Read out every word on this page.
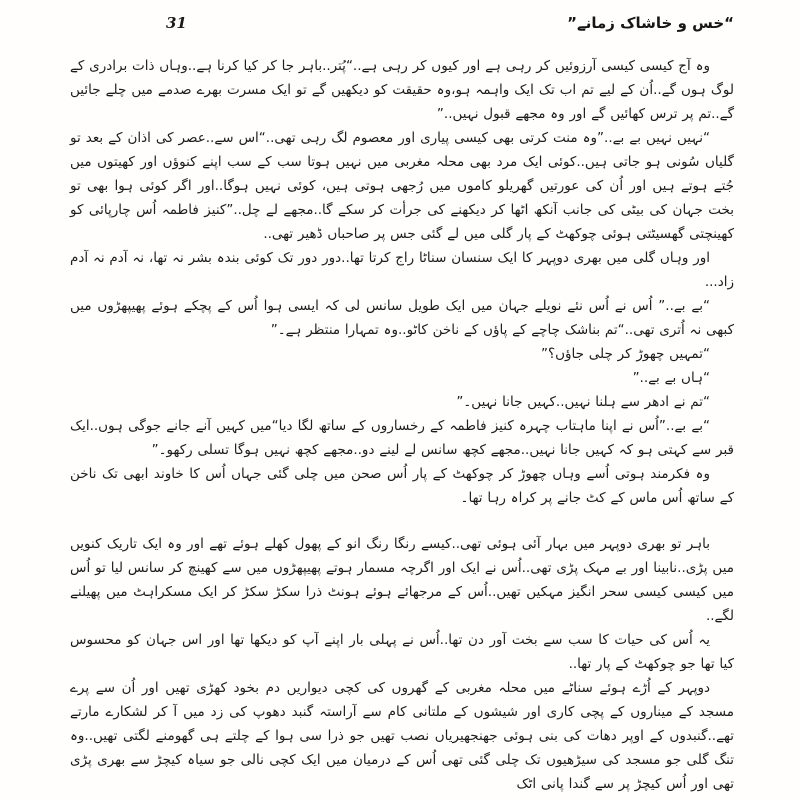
“خس و خاشاک زمانے”
31

وہ آج کیسی کیسی آرزوئیں کر رہی ہے اور کیوں کر رہی ہے..“پُتر..باہر جا کر کیا کرنا ہے..وہاں ذات برادری کے لوگ ہوں گے..اُن کے لیے تم اب تک ایک واہمہ ہو،وہ حقیقت کو دیکھیں گے تو ایک مسرت بھرے صدمے میں چلے جائیں گے..تم پر ترس کھائیں گے اور وہ مجھے قبول نہیں..”

“نہیں نہیں بے بے..”وہ منت کرتی بھی کیسی پیاری اور معصوم لگ رہی تھی..“اس سے..عصر کی اذان کے بعد تو گلیاں سُونی ہو جاتی ہیں..کوئی ایک مرد بھی محلہ مغربی میں نہیں ہوتا سب کے سب اپنے کنوؤں اور کھیتوں میں جُتے ہوتے ہیں اور اُن کی عورتیں گھریلو کاموں میں رُجھی ہوتی ہیں، کوئی نہیں ہوگا..اور اگر کوئی ہوا بھی تو بخت جہان کی بیٹی کی جانب آنکھ اٹھا کر دیکھنے کی جرأت کر سکے گا..مجھے لے چل..”کنیز فاطمہ اُس چارپائی کو کھینچتی گھسیٹتی ہوئی چوکھٹ کے پار گلی میں لے گئی جس پر صاحباں ڈھیر تھی..

اور وہاں گلی میں بھری دوپہر کا ایک سنسان سناٹا راج کرتا تھا..دور دور تک کوئی بندہ بشر نہ تھا، نہ آدم نہ آدم زاد...

“بے بے..” اُس نے اُس نئے نویلے جہان میں ایک طویل سانس لی کہ ایسی ہوا اُس کے پچکے ہوئے پھیپھڑوں میں کبھی نہ اُتری تھی..“تم بناشک چاچے کے پاؤں کے ناخن کاٹو..وہ تمہارا منتظر ہے۔”

“تمہیں چھوڑ کر چلی جاؤں؟”

“ہاں بے بے..”

“تم نے ادھر سے ہلنا نہیں..کہیں جانا نہیں۔”

“بے بے..”اُس نے اپنا ماہتاب چہرہ کنیز فاطمہ کے رخساروں کے ساتھ لگا دیا“میں کہیں آنے جانے جوگی ہوں..ایک قبر سے کہتی ہو کہ کہیں جانا نہیں..مجھے کچھ سانس لے لینے دو..مجھے کچھ نہیں ہوگا تسلی رکھو۔”

وہ فکرمند ہوتی اُسے وہاں چھوڑ کر چوکھٹ کے پار اُس صحن میں چلی گئی جہاں اُس کا خاوند ابھی تک ناخن کے ساتھ اُس ماس کے کٹ جانے پر کراہ رہا تھا۔

باہر تو بھری دوپہر میں بہار آئی ہوئی تھی..کیسے رنگا رنگ انو کے پھول کھلے ہوئے تھے اور وہ ایک تاریک کنویں میں پڑی..نابینا اور بے مہک پڑی تھی..اُس نے ایک اور اگرچہ مسمار ہوتے پھیپھڑوں میں سے کھینچ کر سانس لیا تو اُس میں کیسی کیسی سحر انگیز مہکیں تھیں..اُس کے مرجھائے ہوئے ہونٹ ذرا سکڑ سکڑ کر ایک مسکراہٹ میں پھیلنے لگے..

یہ اُس کی حیات کا سب سے بخت آور دن تھا..اُس نے پہلی بار اپنے آپ کو دیکھا تھا اور اس جہان کو محسوس کیا تھا جو چوکھٹ کے پار تھا..

دوپہر کے اُڑے ہوئے سناٹے میں محلہ مغربی کے گھروں کی کچی دیواریں دم بخود کھڑی تھیں اور اُن سے پرے مسجد کے میناروں کے پچی کاری اور شیشوں کے ملتانی کام سے آراستہ گنبد دھوپ کی زد میں آ کر لشکارے مارتے تھے..گنبدوں کے اوپر دھات کی بنی ہوئی جھنجھیریاں نصب تھیں جو ذرا سی ہوا کے چلتے ہی گھومنے لگتی تھیں..وہ تنگ گلی جو مسجد کی سیڑھیوں تک چلی گئی تھی اُس کے درمیان میں ایک کچی نالی جو سیاہ کیچڑ سے بھری پڑی تھی اور اُس کیچڑ پر سے گندا پانی اٹک
